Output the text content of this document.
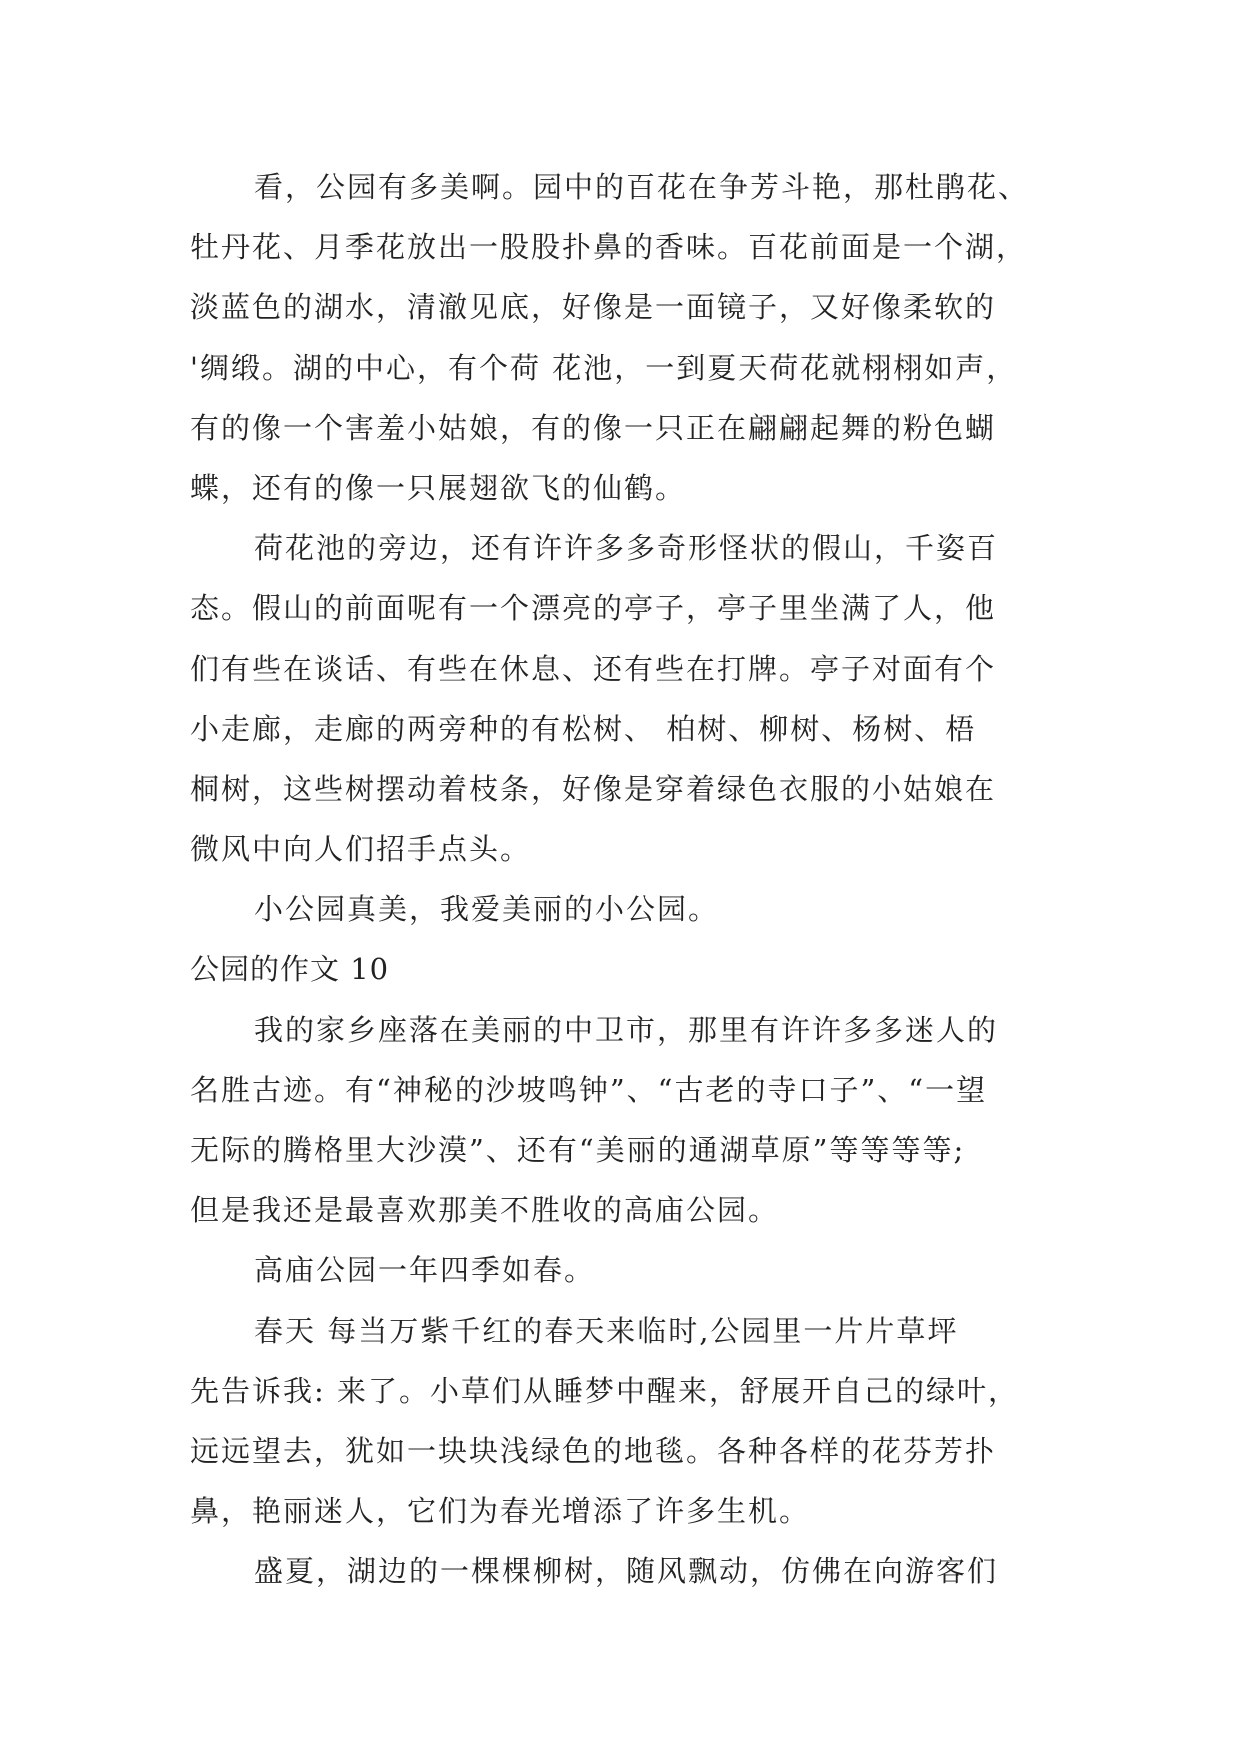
看，公园有多美啊。园中的百花在争芳斗艳，那杜鹃花、
牡丹花、月季花放出一股股扑鼻的香味。百花前面是一个湖，
淡蓝色的湖水，清澈见底，好像是一面镜子，又好像柔软的
'绸缎。湖的中心，有个荷 花池，一到夏天荷花就栩栩如声，
有的像一个害羞小姑娘，有的像一只正在翩翩起舞的粉色蝴
蝶，还有的像一只展翅欲飞的仙鹤。
荷花池的旁边，还有许许多多奇形怪状的假山，千姿百
态。假山的前面呢有一个漂亮的亭子，亭子里坐满了人，他
们有些在谈话、有些在休息、还有些在打牌。亭子对面有个
小走廊，走廊的两旁种的有松树、 柏树、柳树、杨树、梧
桐树，这些树摆动着枝条，好像是穿着绿色衣服的小姑娘在
微风中向人们招手点头。
小公园真美，我爱美丽的小公园。
公园的作文 10
我的家乡座落在美丽的中卫市，那里有许许多多迷人的
名胜古迹。有“神秘的沙坡鸣钟”、“古老的寺口子”、“一望
无际的腾格里大沙漠”、还有“美丽的通湖草原”等等等等;
但是我还是最喜欢那美不胜收的高庙公园。
高庙公园一年四季如春。
春天 每当万紫千红的春天来临时,公园里一片片草坪
先告诉我: 来了。小草们从睡梦中醒来，舒展开自己的绿叶，
远远望去，犹如一块块浅绿色的地毯。各种各样的花芬芳扑
鼻，艳丽迷人，它们为春光增添了许多生机。
盛夏，湖边的一棵棵柳树，随风飘动，仿佛在向游客们
